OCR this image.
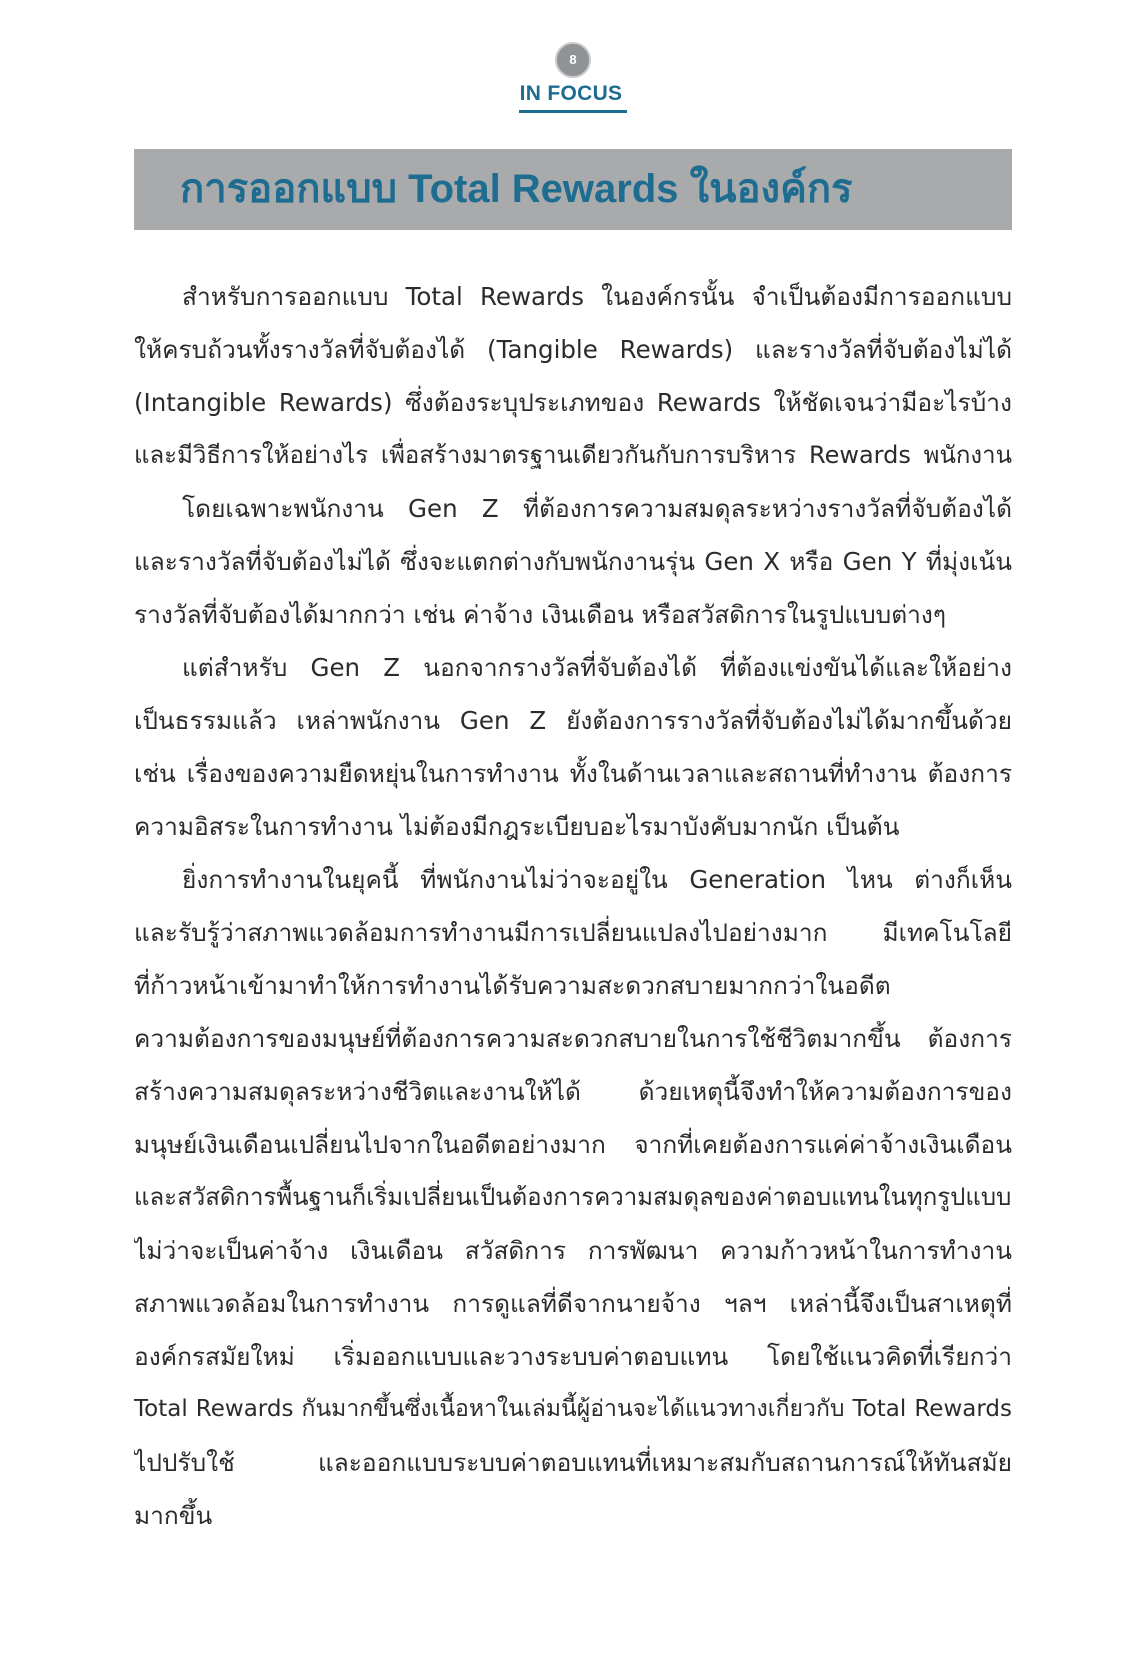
8
IN FOCUS
การออกแบบ Total Rewards ในองค์กร
สำหรับการออกแบบ Total Rewards ในองค์กรนั้น จำเป็นต้องมีการออกแบบ
ให้ครบถ้วนทั้งรางวัลที่จับต้องได้ (Tangible Rewards) และรางวัลที่จับต้องไม่ได้
(Intangible Rewards) ซึ่งต้องระบุประเภทของ Rewards ให้ชัดเจนว่ามีอะไรบ้าง
และมีวิธีการให้อย่างไร เพื่อสร้างมาตรฐานเดียวกันกับการบริหาร Rewards พนักงาน
โดยเฉพาะพนักงาน Gen Z ที่ต้องการความสมดุลระหว่างรางวัลที่จับต้องได้
และรางวัลที่จับต้องไม่ได้ ซึ่งจะแตกต่างกับพนักงานรุ่น Gen X หรือ Gen Y ที่มุ่งเน้น
รางวัลที่จับต้องได้มากกว่า เช่น ค่าจ้าง เงินเดือน หรือสวัสดิการในรูปแบบต่างๆ
แต่สำหรับ Gen Z นอกจากรางวัลที่จับต้องได้ ที่ต้องแข่งขันได้และให้อย่าง
เป็นธรรมแล้ว เหล่าพนักงาน Gen Z ยังต้องการรางวัลที่จับต้องไม่ได้มากขึ้นด้วย
เช่น เรื่องของความยืดหยุ่นในการทำงาน ทั้งในด้านเวลาและสถานที่ทำงาน ต้องการ
ความอิสระในการทำงาน ไม่ต้องมีกฎระเบียบอะไรมาบังคับมากนัก เป็นต้น
ยิ่งการทำงานในยุคนี้ ที่พนักงานไม่ว่าจะอยู่ใน Generation ไหน ต่างก็เห็น
และรับรู้ว่าสภาพแวดล้อมการทำงานมีการเปลี่ยนแปลงไปอย่างมาก มีเทคโนโลยี
ที่ก้าวหน้าเข้ามาทำให้การทำงานได้รับความสะดวกสบายมากกว่าในอดีต
ความต้องการของมนุษย์ที่ต้องการความสะดวกสบายในการใช้ชีวิตมากขึ้น ต้องการ
สร้างความสมดุลระหว่างชีวิตและงานให้ได้ ด้วยเหตุนี้จึงทำให้ความต้องการของ
มนุษย์เงินเดือนเปลี่ยนไปจากในอดีตอย่างมาก จากที่เคยต้องการแค่ค่าจ้างเงินเดือน
และสวัสดิการพื้นฐานก็เริ่มเปลี่ยนเป็นต้องการความสมดุลของค่าตอบแทนในทุกรูปแบบ
ไม่ว่าจะเป็นค่าจ้าง เงินเดือน สวัสดิการ การพัฒนา ความก้าวหน้าในการทำงาน
สภาพแวดล้อมในการทำงาน การดูแลที่ดีจากนายจ้าง ฯลฯ เหล่านี้จึงเป็นสาเหตุที่
องค์กรสมัยใหม่ เริ่มออกแบบและวางระบบค่าตอบแทน โดยใช้แนวคิดที่เรียกว่า
Total Rewards กันมากขึ้นซึ่งเนื้อหาในเล่มนี้ผู้อ่านจะได้แนวทางเกี่ยวกับ Total Rewards
ไปปรับใช้ และออกแบบระบบค่าตอบแทนที่เหมาะสมกับสถานการณ์ให้ทันสมัย
มากขึ้น
